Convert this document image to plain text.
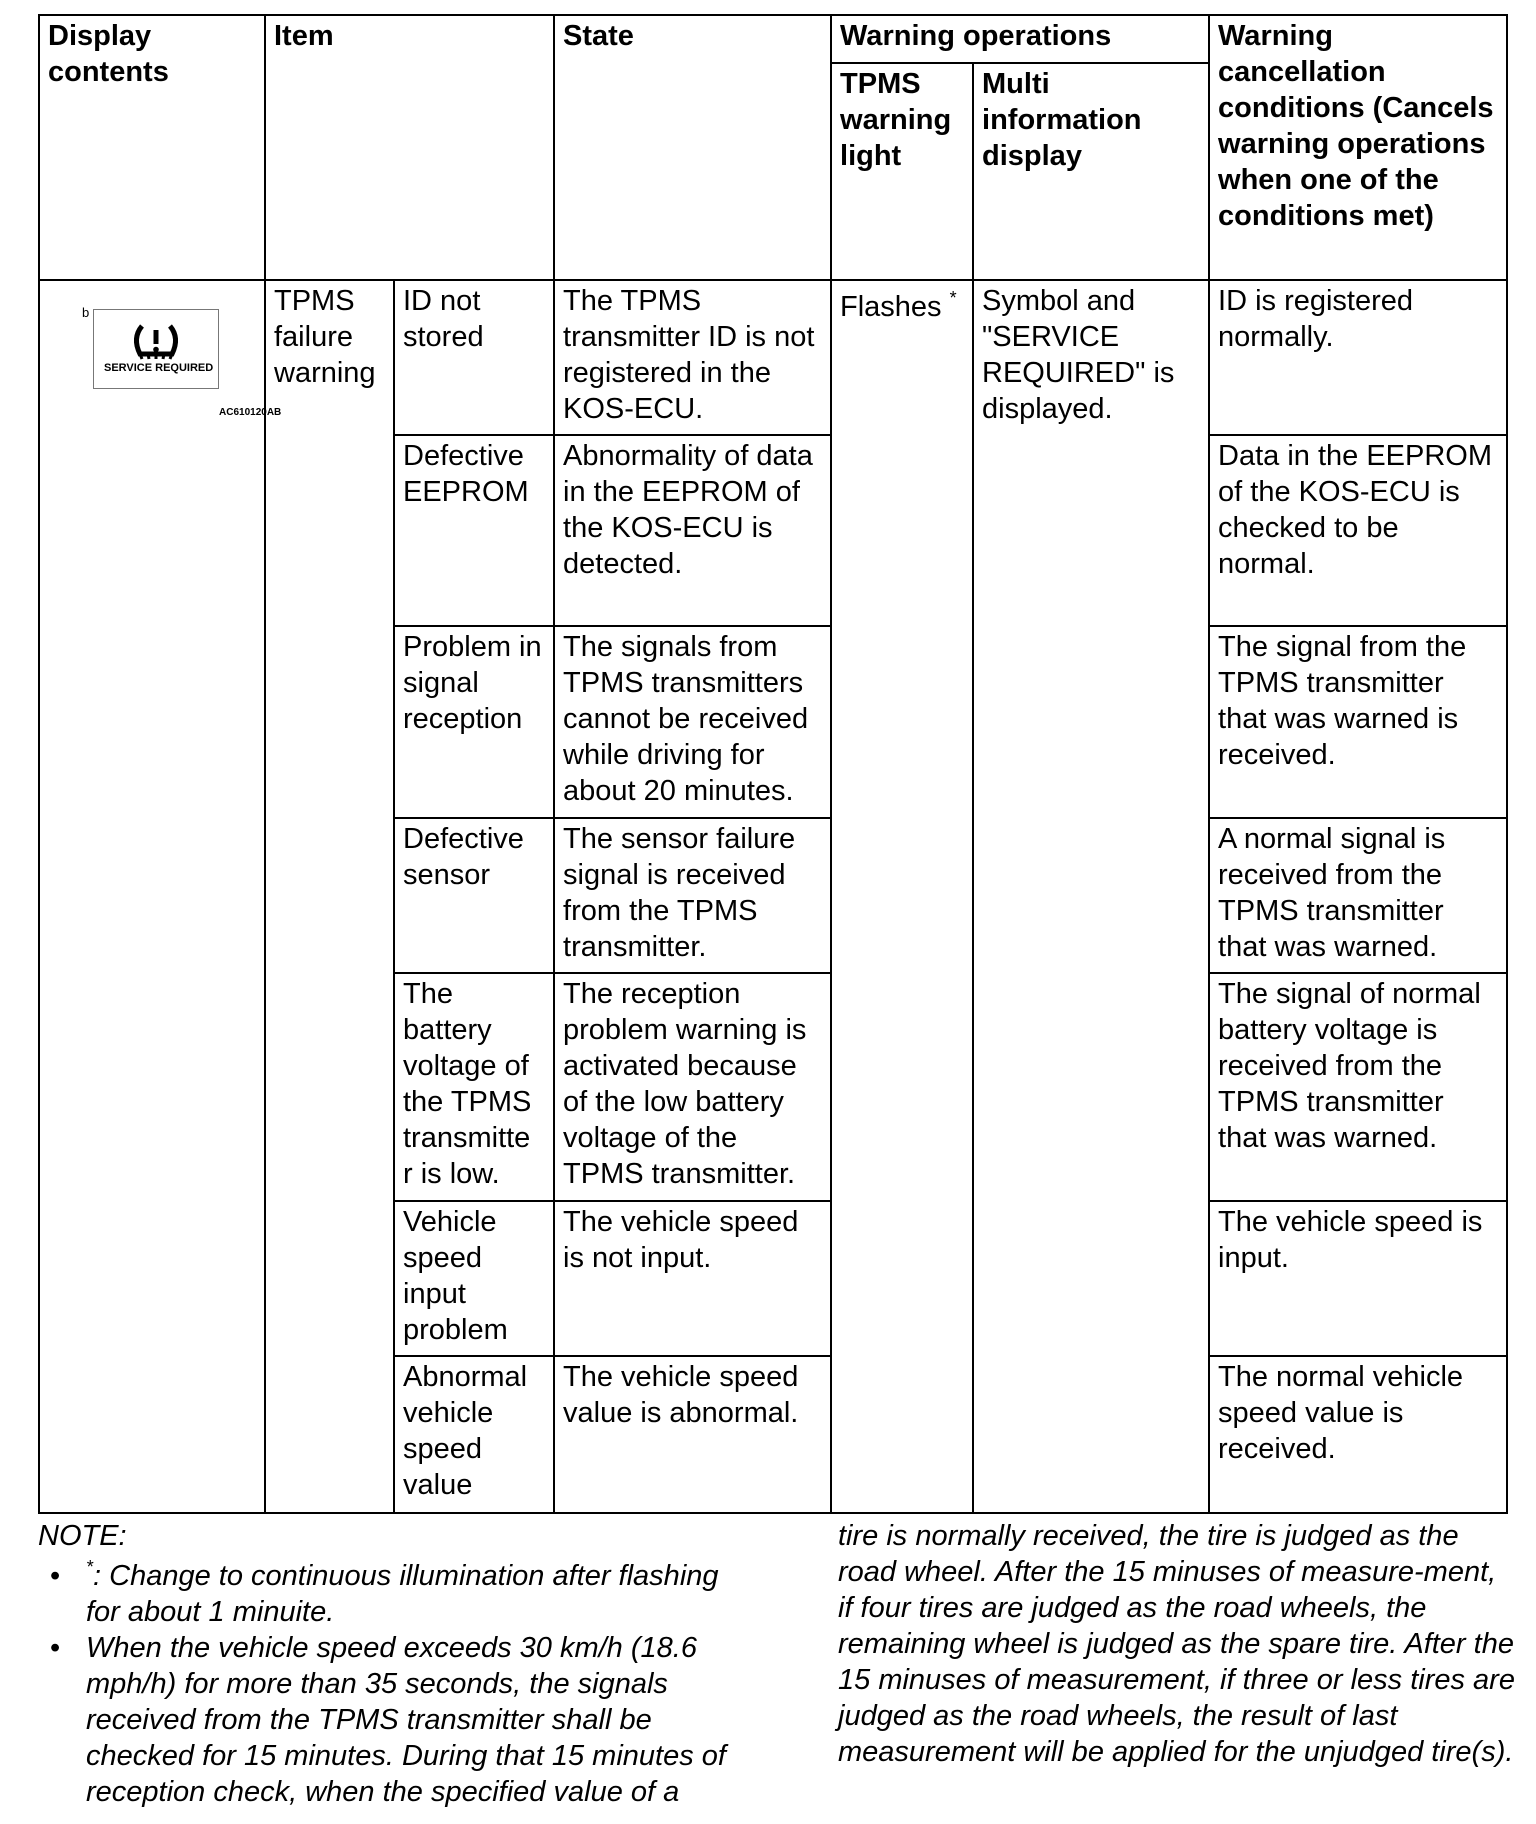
Display contents	Item		State	Warning operations		Warning cancellation conditions (Cancels warning operations when one of the conditions met)
				TPMS warning light	Multi information display	

b
SERVICE REQUIRED
AC610120AB	TPMS failure warning	ID not stored	The TPMS transmitter ID is not registered in the KOS-ECU.	Flashes *	Symbol and "SERVICE REQUIRED" is displayed.	ID is registered normally.
		Defective EEPROM	Abnormality of data in the EEPROM of the KOS-ECU is detected.			Data in the EEPROM of the KOS-ECU is checked to be normal.
		Problem in signal reception	The signals from TPMS transmitters cannot be received while driving for about 20 minutes.			The signal from the TPMS transmitter that was warned is received.
		Defective sensor	The sensor failure signal is received from the TPMS transmitter.			A normal signal is received from the TPMS transmitter that was warned.
		The battery voltage of the TPMS transmitte r is low.	The reception problem warning is activated because of the low battery voltage of the TPMS transmitter.			The signal of normal battery voltage is received from the TPMS transmitter that was warned.
		Vehicle speed input problem	The vehicle speed is not input.			The vehicle speed is input.
		Abnormal vehicle speed value	The vehicle speed value is abnormal.			The normal vehicle speed value is received.
NOTE:
• *: Change to continuous illumination after flashing for about 1 minuite.
• When the vehicle speed exceeds 30 km/h (18.6 mph/h) for more than 35 seconds, the signals received from the TPMS transmitter shall be checked for 15 minutes. During that 15 minutes of reception check, when the specified value of a
tire is normally received, the tire is judged as the road wheel. After the 15 minuses of measure-ment, if four tires are judged as the road wheels, the remaining wheel is judged as the spare tire. After the 15 minuses of measurement, if three or less tires are judged as the road wheels, the result of last measurement will be applied for the unjudged tire(s).
